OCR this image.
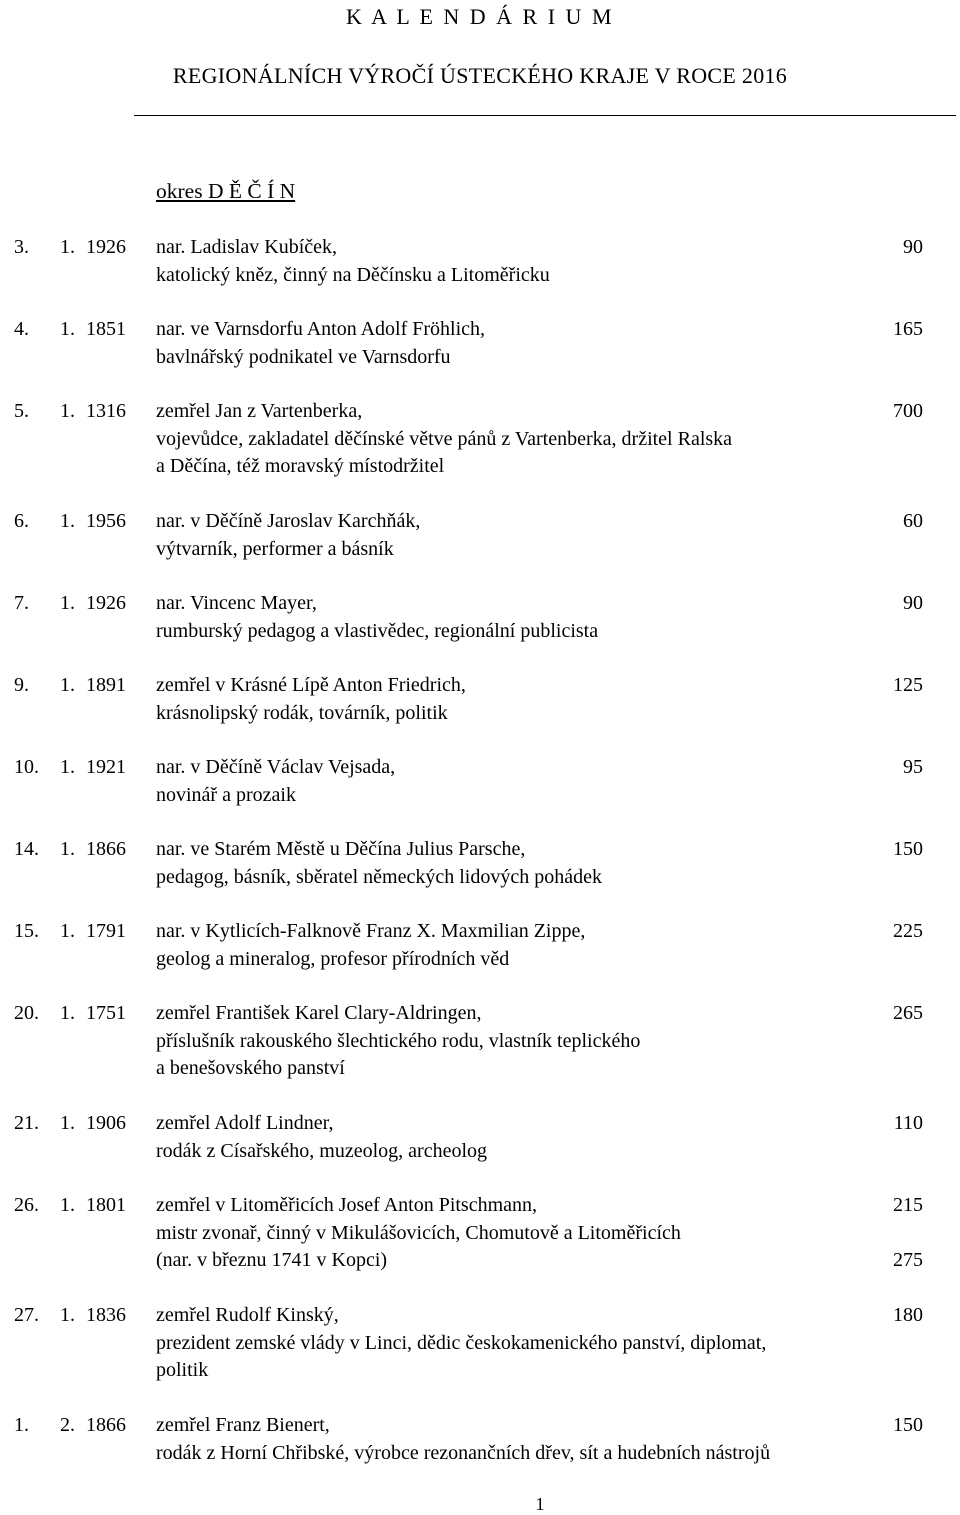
K A L E N D Á R I U M
REGIONÁLNÍCH VÝROČÍ ÚSTECKÉHO KRAJE V ROCE 2016
okres D Ě Č Í N
3. 1. 1926 nar. Ladislav Kubíček,
katolický kněz, činný na Děčínsku a Litoměřicku
90
4. 1. 1851 nar. ve Varnsdorfu Anton Adolf Fröhlich,
bavlnářský podnikatel ve Varnsdorfu
165
5. 1. 1316 zemřel Jan z Vartenberka,
vojevůdce, zakladatel děčínské větve pánů z Vartenberka, držitel Ralska
a Děčína, též moravský místodržitel
700
6. 1. 1956 nar. v Děčíně Jaroslav Karchňák,
výtvarník, performer a básník
60
7. 1. 1926 nar. Vincenc Mayer,
rumburský pedagog a vlastivědec, regionální publicista
90
9. 1. 1891 zemřel v Krásné Lípě Anton Friedrich,
krásnolipský rodák, továrník, politik
125
10. 1. 1921 nar. v Děčíně Václav Vejsada,
novinář a prozaik
95
14. 1. 1866 nar. ve Starém Městě u Děčína Julius Parsche,
pedagog, básník, sběratel německých lidových pohádek
150
15. 1. 1791 nar. v Kytlicích-Falknově Franz X. Maxmilian Zippe,
geolog a mineralog, profesor přírodních věd
225
20. 1. 1751 zemřel František Karel Clary-Aldringen,
příslušník rakouského šlechtického rodu, vlastník teplického
a benešovského panství
265
21. 1. 1906 zemřel Adolf Lindner,
rodák z Císařského, muzeolog, archeolog
110
26. 1. 1801 zemřel v Litoměřicích Josef Anton Pitschmann,
mistr zvonař, činný v Mikulášovicích, Chomutově a Litoměřicích
(nar. v březnu 1741 v Kopci)
215
275
27. 1. 1836 zemřel Rudolf Kinský,
prezident zemské vlády v Linci, dědic českokamenického panství, diplomat,
politik
180
1. 2. 1866 zemřel Franz Bienert,
rodák z Horní Chřibské, výrobce rezonančních dřev, sít a hudebních nástrojů
150
1
